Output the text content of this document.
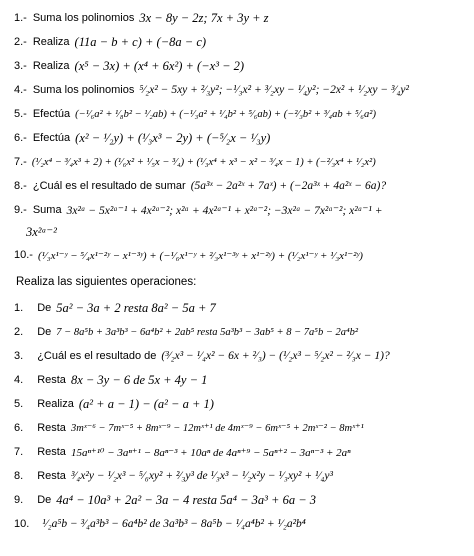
1.- Suma los polinomios 3x − 8y − 2z; 7x + 3y + z
2.- Realiza (11a − b + c) + (−8a − c)
3.- Realiza (x⁵ − 3x) + (x⁴ + 6x²) + (−x³ − 2)
4.- Suma los polinomios ⁵⁄₂x² − 5xy + ²⁄₃y²; −¹⁄₃x² + ³⁄₂xy − ¹⁄₄y²; −2x² + ¹⁄₂xy − ³⁄₄y²
5.- Efectúa (−¹⁄₆a² + ¹⁄₈b² − ¹⁄₂ab) + (−¹⁄₃a² + ¹⁄₄b² + ⁵⁄₆ab) + (−²⁄₃b² + ³⁄₄ab + ⁵⁄₆a²)
6.- Efectúa (x² − ¹⁄₂y) + (¹⁄₃x³ − 2y) + (−⁵⁄₂x − ¹⁄₃y)
7.- (¹⁄₂x⁴ − ³⁄₄x³ + 2) + (¹⁄₆x² + ¹⁄₅x − ³⁄₄) + (¹⁄₃x⁴ + x³ − x² − ³⁄₄x − 1) + (−²⁄₃x⁴ + ¹⁄₂x²)
8.- ¿Cuál es el resultado de sumar (5a³ˣ − 2a²ˣ + 7aˣ) + (−2a³ˣ + 4a²ˣ − 6a)?
9.- Suma 3x²ᵃ − 5x²ᵃ⁻¹ + 4x²ᵃ⁻²; x²ᵃ + 4x²ᵃ⁻¹ + x²ᵃ⁻²; −3x²ᵃ − 7x²ᵃ⁻²; x²ᵃ⁻¹ +
3x²ᵃ⁻²
10.- (¹⁄₃x¹⁻ʸ − ⁵⁄₄x¹⁻²ʸ − x¹⁻³ʸ) + (−¹⁄₆x¹⁻ʸ + ²⁄₃x¹⁻³ʸ + x¹⁻²ʸ) + (¹⁄₂x¹⁻ʸ + ¹⁄₃x¹⁻²ʸ)
Realiza las siguientes operaciones:
1. De 5a² − 3a + 2 resta 8a² − 5a + 7
2. De 7 − 8a⁵b + 3a³b³ − 6a⁴b² + 2ab⁵ resta 5a³b³ − 3ab⁵ + 8 − 7a⁵b − 2a⁴b²
3. ¿Cuál es el resultado de (³⁄₂x³ − ¹⁄₄x² − 6x + ²⁄₃) − (¹⁄₂x³ − ⁵⁄₂x² − ²⁄₃x − 1)?
4. Resta 8x − 3y − 6 de 5x + 4y − 1
5. Realiza (a² + a − 1) − (a² − a + 1)
6. Resta 3mˣ⁻⁶ − 7mˣ⁻⁵ + 8mˣ⁻⁹ − 12mˣ⁺¹ de 4mˣ⁻⁹ − 6mˣ⁻⁵ + 2mˣ⁻² − 8mˣ⁺¹
7. Resta 15aⁿ⁺¹⁰ − 3aⁿ⁺¹ − 8aⁿ⁻³ + 10aⁿ de 4aⁿ⁺⁹ − 5aⁿ⁺² − 3aⁿ⁻³ + 2aⁿ
8. Resta ³⁄₄x²y − ¹⁄₂x³ − ⁵⁄₆xy² + ²⁄₃y³ de ¹⁄₃x³ − ¹⁄₂x²y − ¹⁄₃xy² + ¹⁄₄y³
9. De 4a⁴ − 10a³ + 2a² − 3a − 4 resta 5a⁴ − 3a³ + 6a − 3
10. ¹⁄₂a⁵b − ³⁄₄a³b³ − 6a⁴b² de 3a³b³ − 8a⁵b − ¹⁄₄a⁴b² + ¹⁄₂a²b⁴
